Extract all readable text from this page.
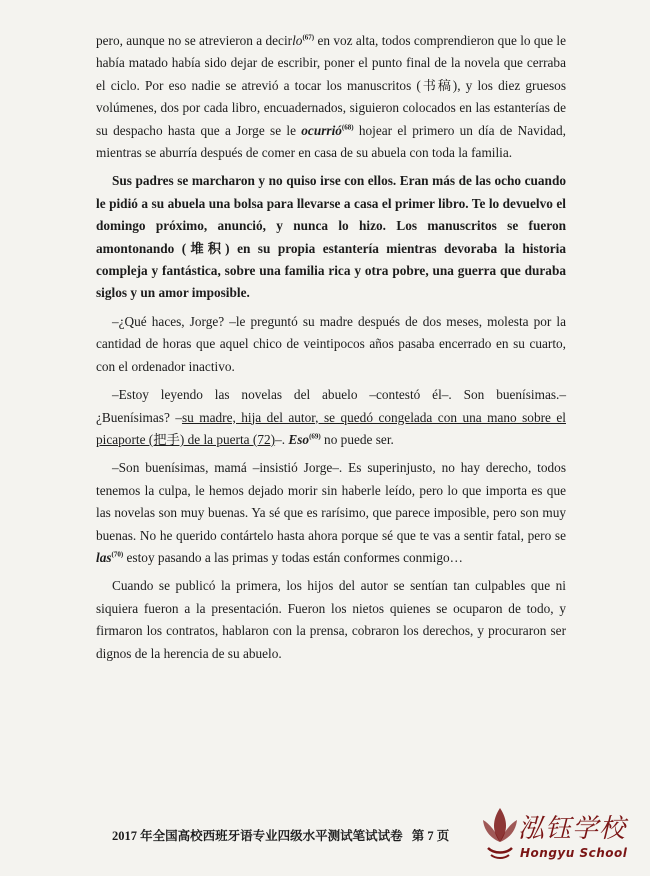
pero, aunque no se atrevieron a decirlo$^{(67)}$ en voz alta, todos comprendieron que lo que le había matado había sido dejar de escribir, poner el punto final de la novela que cerraba el ciclo. Por eso nadie se atrevió a tocar los manuscritos (书稿), y los diez gruesos volúmenes, dos por cada libro, encuadernados, siguieron colocados en las estanterías de su despacho hasta que a Jorge se le ocurrió$^{(68)}$ hojear el primero un día de Navidad, mientras se aburría después de comer en casa de su abuela con toda la familia.

Sus padres se marcharon y no quiso irse con ellos. Eran más de las ocho cuando le pidió a su abuela una bolsa para llevarse a casa el primer libro. Te lo devuelvo el domingo próximo, anunció, y nunca lo hizo. Los manuscritos se fueron amontonando (堆积) en su propia estantería mientras devoraba la historia compleja y fantástica, sobre una familia rica y otra pobre, una guerra que duraba siglos y un amor imposible.

–¿Qué haces, Jorge? –le preguntó su madre después de dos meses, molesta por la cantidad de horas que aquel chico de veintipocos años pasaba encerrado en su cuarto, con el ordenador inactivo.

–Estoy leyendo las novelas del abuelo –contestó él–. Son buenísimas.– ¿Buenísimas? –su madre, hija del autor, se quedó congelada con una mano sobre el picaporte (把手) de la puerta (72)–. Eso$^{(69)}$ no puede ser.

–Son buenísimas, mamá –insistió Jorge–. Es superinjusto, no hay derecho, todos tenemos la culpa, le hemos dejado morir sin haberle leído, pero lo que importa es que las novelas son muy buenas. Ya sé que es rarísimo, que parece imposible, pero son muy buenas. No he querido contártelo hasta ahora porque sé que te vas a sentir fatal, pero se las$^{(70)}$ estoy pasando a las primas y todas están conformes conmigo…

Cuando se publicó la primera, los hijos del autor se sentían tan culpables que ni siquiera fueron a la presentación. Fueron los nietos quienes se ocuparon de todo, y firmaron los contratos, hablaron con la prensa, cobraron los derechos, y procuraron ser dignos de la herencia de su abuelo.

2017 年全国高校西班牙语专业四级水平测试笔试试卷 第 7 页	泓钰学校
Hongyu School
